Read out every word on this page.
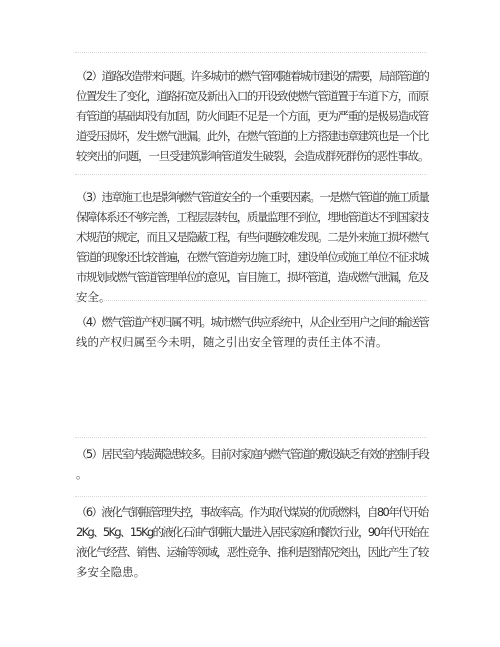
（2）道路改造带来问题。许多城市的燃气管网随着城市建设的需要，局部管道的
位置发生了变化，道路拓宽及新出入口的开设致使燃气管道置于车道下方，而原
有管道的基础却没有加固，防火间距不足是一个方面，更为严重的是极易造成管
道受压损坏，发生燃气泄漏。此外，在燃气管道的上方搭建违章建筑也是一个比
较突出的问题，一旦受建筑影响管道发生破裂，会造成群死群伤的恶性事故。
（3）违章施工也是影响燃气管道安全的一个重要因素。一是燃气管道的施工质量
保障体系还不够完善，工程层层转包，质量监理不到位，埋地管道达不到国家技
术规范的规定，而且又是隐蔽工程，有些问题较难发现。二是外来施工损坏燃气
管道的现象还比较普遍，在燃气管道旁边施工时，建设单位或施工单位不征求城
市规划或燃气管道管理单位的意见，盲目施工，损坏管道，造成燃气泄漏，危及
安全。
（4）燃气管道产权归属不明。城市燃气供应系统中，从企业至用户之间的输送管
线的产权归属至今未明，随之引出安全管理的责任主体不清。
（5）居民室内装潢隐患较多。目前对家庭内燃气管道的敷设缺乏有效的控制手段
。
（6）液化气钢瓶管理失控，事故率高。作为取代煤炭的优质燃料，自80年代开始
2Kg、5Kg、15Kg的液化石油气钢瓶大量进入居民家庭和餐饮行业，90年代开始在
液化气经营、销售、运输等领域，恶性竞争、推利是图情况突出，因此产生了较
多安全隐患。
